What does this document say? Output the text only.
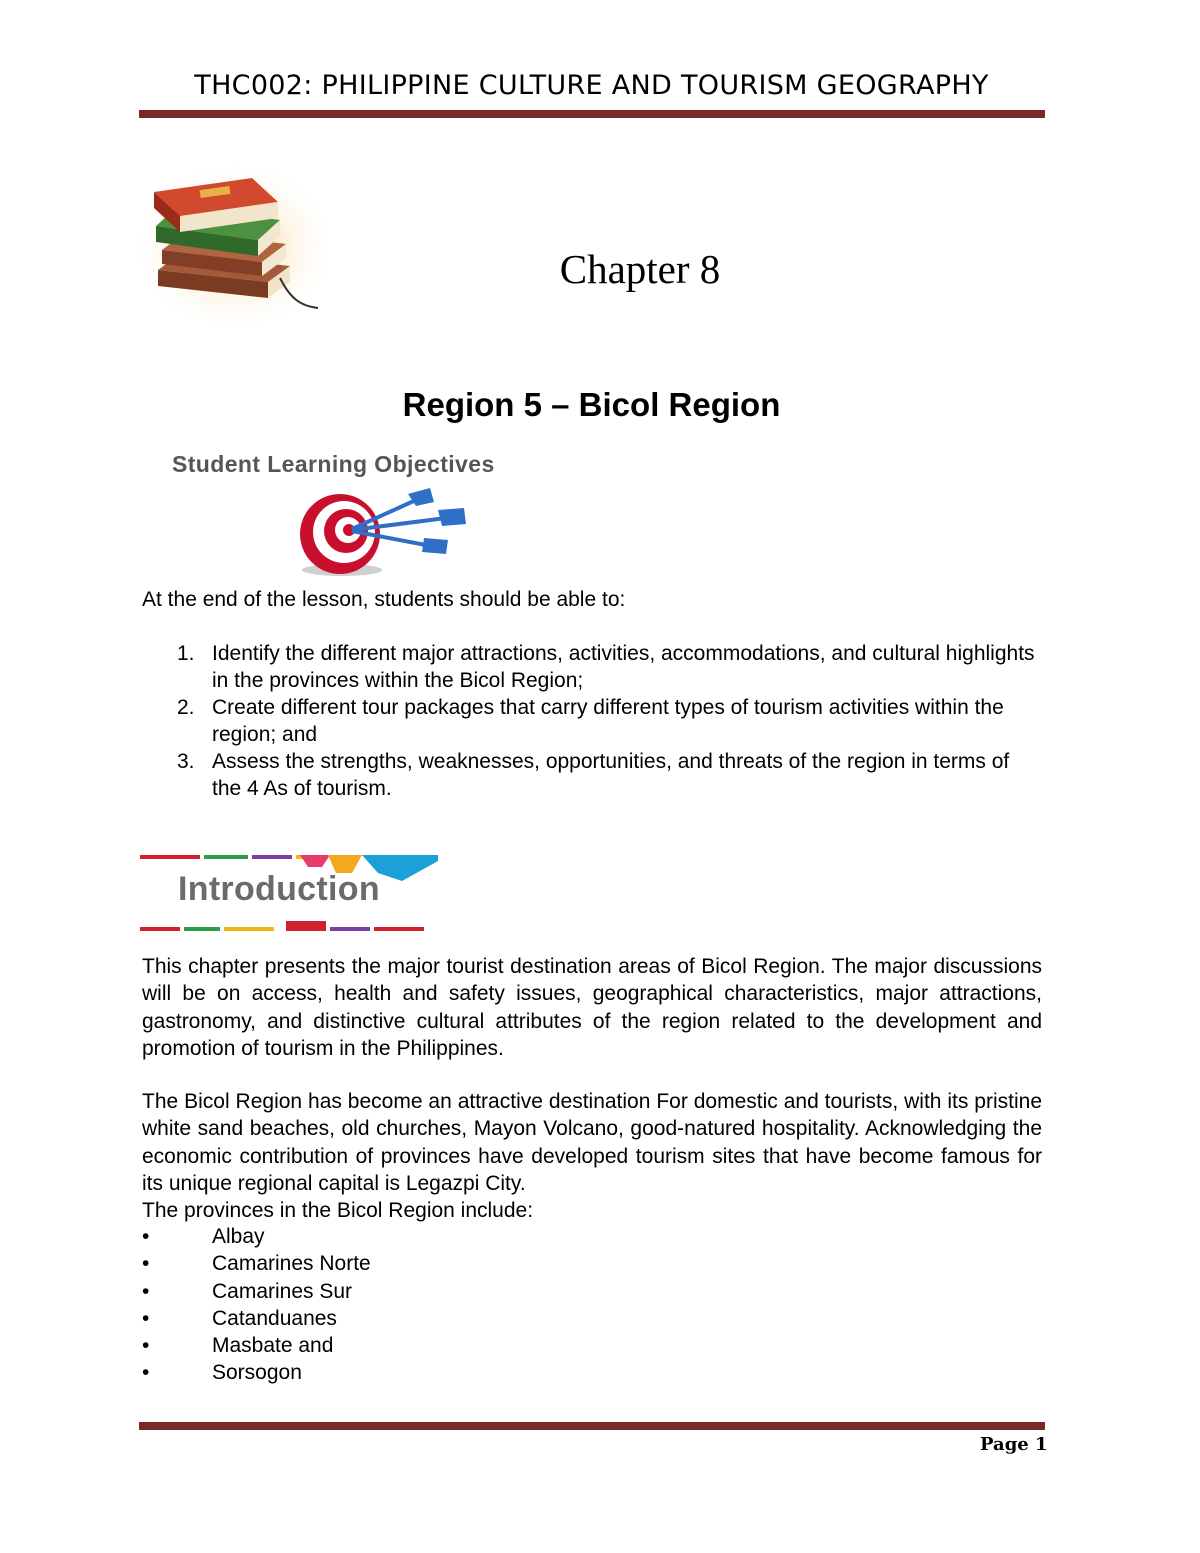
THC002: PHILIPPINE CULTURE AND TOURISM GEOGRAPHY
Chapter 8
Region 5 – Bicol Region
Student Learning Objectives
At the end of the lesson, students should be able to:
1. Identify the different major attractions, activities, accommodations, and cultural highlights in the provinces within the Bicol Region;
2. Create different tour packages that carry different types of tourism activities within the region; and
3. Assess the strengths, weaknesses, opportunities, and threats of the region in terms of the 4 As of tourism.
Introduction

This chapter presents the major tourist destination areas of Bicol Region. The major discussions will be on access, health and safety issues, geographical characteristics, major attractions, gastronomy, and distinctive cultural attributes of the region related to the development and promotion of tourism in the Philippines.

The Bicol Region has become an attractive destination For domestic and tourists, with its pristine white sand beaches, old churches, Mayon Volcano, good-natured hospitality. Acknowledging the economic contribution of provinces have developed tourism sites that have become famous for its unique regional capital is Legazpi City.

The provinces in the Bicol Region include:
•	Albay
•	Camarines Norte
•	Camarines Sur
•	Catanduanes
•	Masbate and
•	Sorsogon
Page 1
